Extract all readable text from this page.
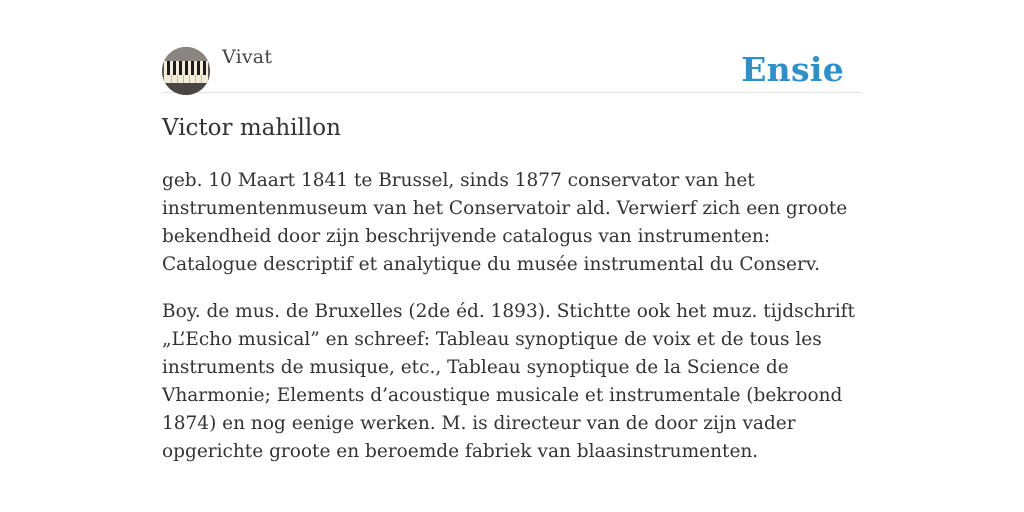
Vivat	Ensie
Victor mahillon

geb. 10 Maart 1841 te Brussel, sinds 1877 conservator van het instrumentenmuseum van het Conservatoir ald. Verwierf zich een groote bekendheid door zijn beschrijvende catalogus van instrumenten: Catalogue descriptif et analytique du musée instrumental du Conserv.

Boy. de mus. de Bruxelles (2de éd. 1893). Stichtte ook het muz. tijdschrift „L’Echo musical” en schreef: Tableau synoptique de voix et de tous les instruments de musique, etc., Tableau synoptique de la Science de Vharmonie; Elements d’acoustique musicale et instrumentale (bekroond 1874) en nog eenige werken. M. is directeur van de door zijn vader opgerichte groote en beroemde fabriek van blaasinstrumenten.
